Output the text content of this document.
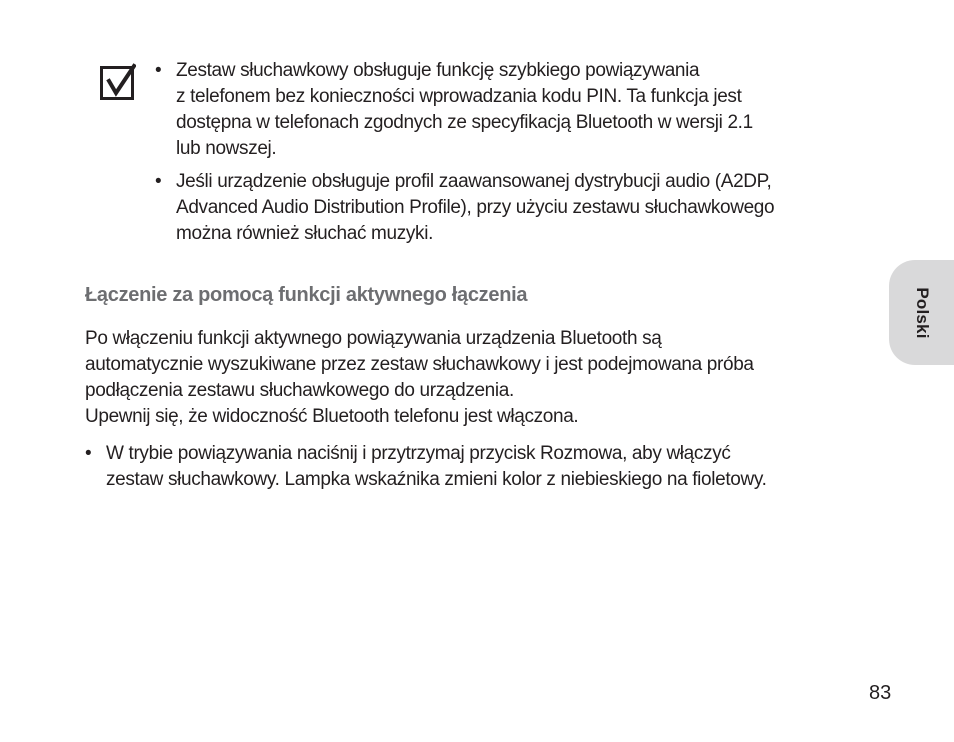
• Zestaw słuchawkowy obsługuje funkcję szybkiego powiązywania
z telefonem bez konieczności wprowadzania kodu PIN. Ta funkcja jest
dostępna w telefonach zgodnych ze specyfikacją Bluetooth w wersji 2.1
lub nowszej.
• Jeśli urządzenie obsługuje profil zaawansowanej dystrybucji audio (A2DP,
Advanced Audio Distribution Profile), przy użyciu zestawu słuchawkowego
można również słuchać muzyki.
Łączenie za pomocą funkcji aktywnego łączenia

Po włączeniu funkcji aktywnego powiązywania urządzenia Bluetooth są
automatycznie wyszukiwane przez zestaw słuchawkowy i jest podejmowana próba
podłączenia zestawu słuchawkowego do urządzenia.
Upewnij się, że widoczność Bluetooth telefonu jest włączona.

• W trybie powiązywania naciśnij i przytrzymaj przycisk Rozmowa, aby włączyć
zestaw słuchawkowy. Lampka wskaźnika zmieni kolor z niebieskiego na fioletowy.
Polski
83
